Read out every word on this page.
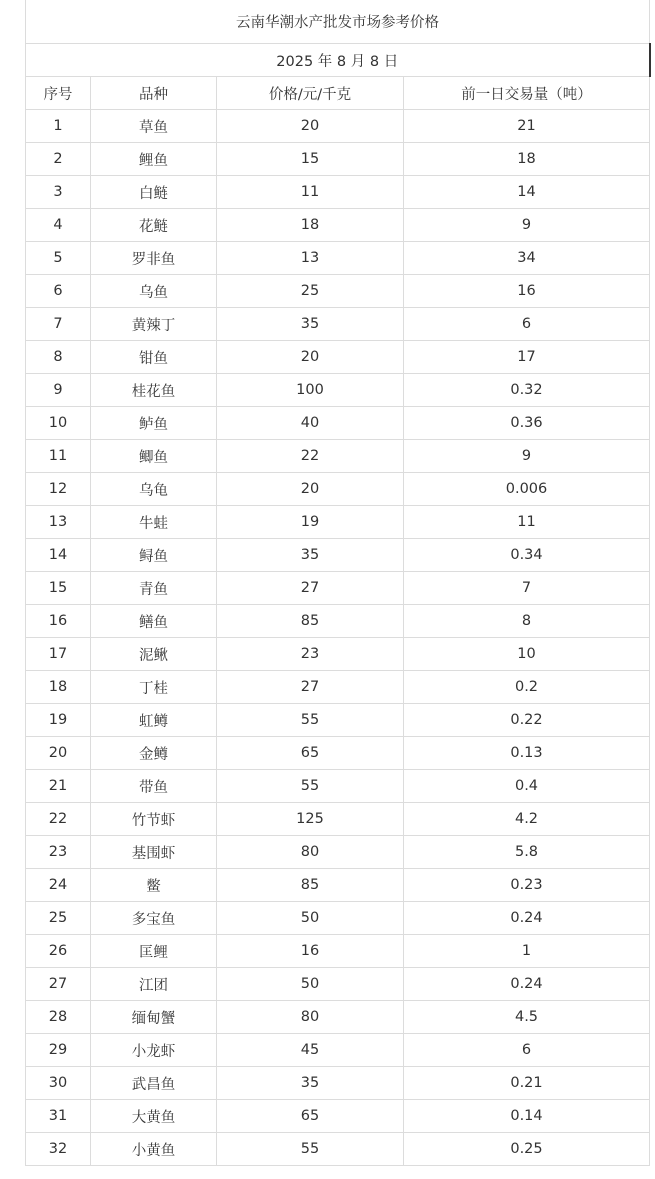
云南华潮水产批发市场参考价格			
2025 年 8 月 8 日			
序号	品种	价格/元/千克	前一日交易量（吨）
1	草鱼	20	21
2	鲤鱼	15	18
3	白鲢	11	14
4	花鲢	18	9
5	罗非鱼	13	34
6	乌鱼	25	16
7	黄辣丁	35	6
8	钳鱼	20	17
9	桂花鱼	100	0.32
10	鲈鱼	40	0.36
11	鲫鱼	22	9
12	乌龟	20	0.006
13	牛蛙	19	11
14	鲟鱼	35	0.34
15	青鱼	27	7
16	鳝鱼	85	8
17	泥鳅	23	10
18	丁桂	27	0.2
19	虹鳟	55	0.22
20	金鳟	65	0.13
21	带鱼	55	0.4
22	竹节虾	125	4.2
23	基围虾	80	5.8
24	鳖	85	0.23
25	多宝鱼	50	0.24
26	匡鲤	16	1
27	江团	50	0.24
28	缅甸蟹	80	4.5
29	小龙虾	45	6
30	武昌鱼	35	0.21
31	大黄鱼	65	0.14
32	小黄鱼	55	0.25
